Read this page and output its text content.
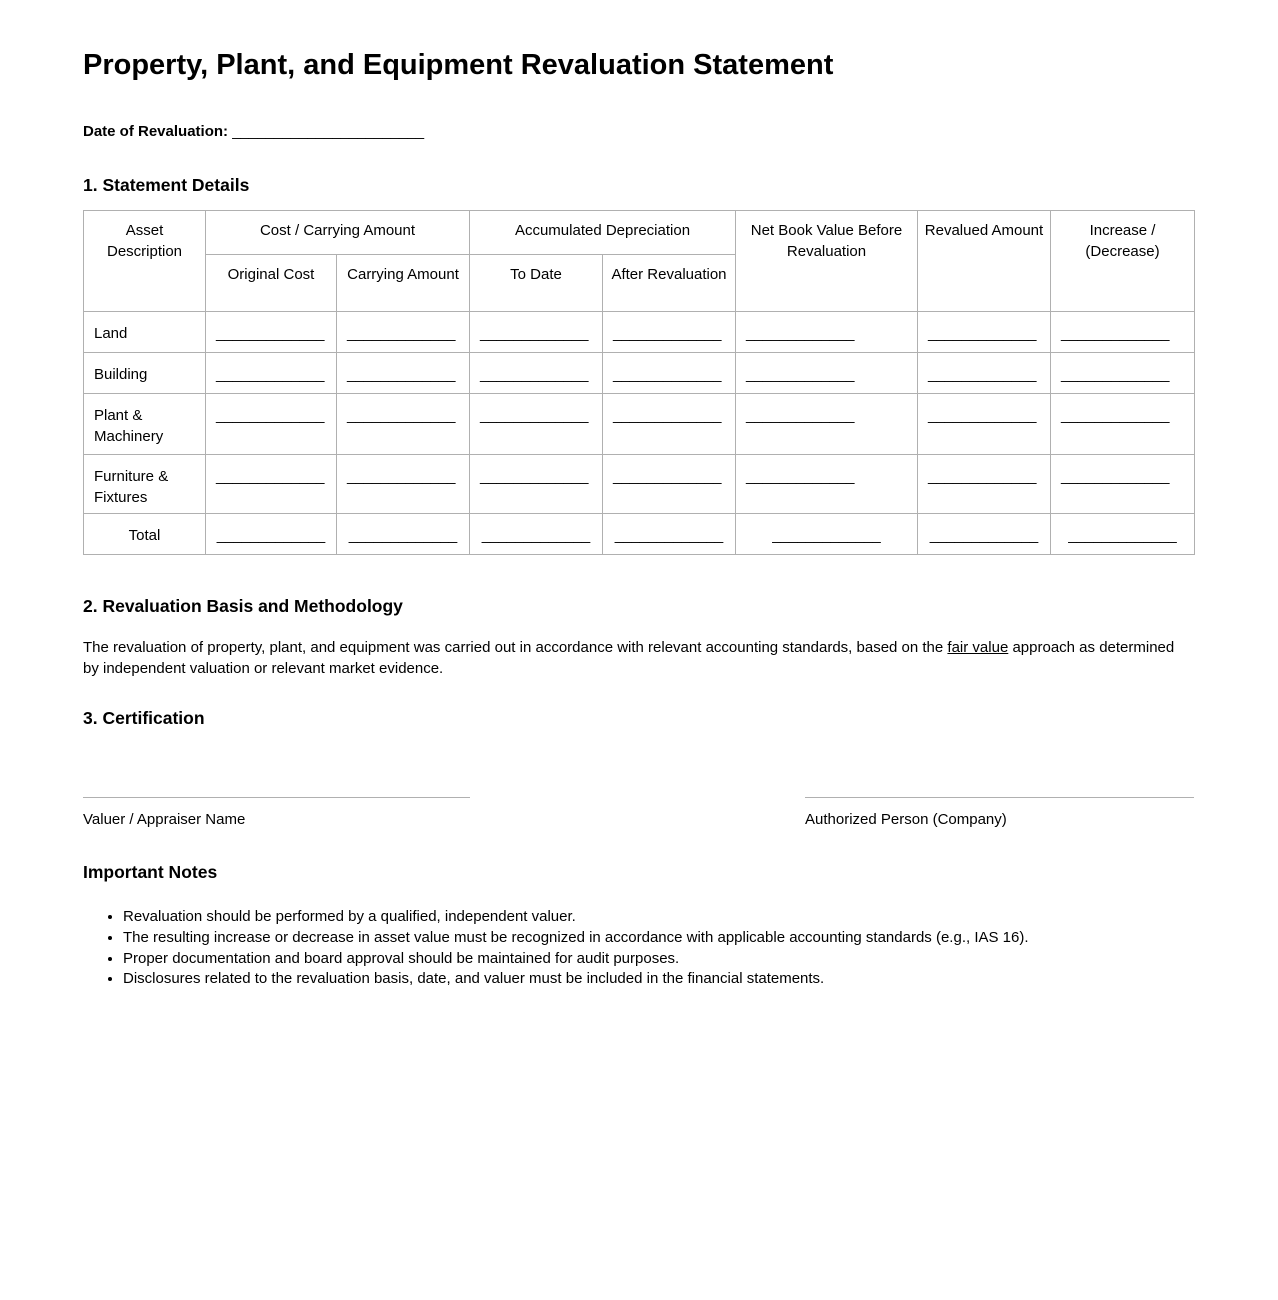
Property, Plant, and Equipment Revaluation Statement

Date of Revaluation: _______________________

1. Statement Details
Asset Description	Cost / Carrying Amount		Accumulated Depreciation		Net Book Value Before Revaluation	Revalued Amount	Increase / (Decrease)
	Original Cost	Carrying Amount	To Date	After Revaluation			
Land	_____________	_____________	_____________	_____________	_____________	_____________	_____________
Building	_____________	_____________	_____________	_____________	_____________	_____________	_____________
Plant & Machinery	_____________	_____________	_____________	_____________	_____________	_____________	_____________
Furniture & Fixtures	_____________	_____________	_____________	_____________	_____________	_____________	_____________
Total	_____________	_____________	_____________	_____________	_____________	_____________	_____________
2. Revaluation Basis and Methodology

The revaluation of property, plant, and equipment was carried out in accordance with relevant accounting standards, based on the fair value approach as determined by independent valuation or relevant market evidence.

3. Certification
Valuer / Appraiser Name	Authorized Person (Company)
Important Notes
• Revaluation should be performed by a qualified, independent valuer.
• The resulting increase or decrease in asset value must be recognized in accordance with applicable accounting standards (e.g., IAS 16).
• Proper documentation and board approval should be maintained for audit purposes.
• Disclosures related to the revaluation basis, date, and valuer must be included in the financial statements.
